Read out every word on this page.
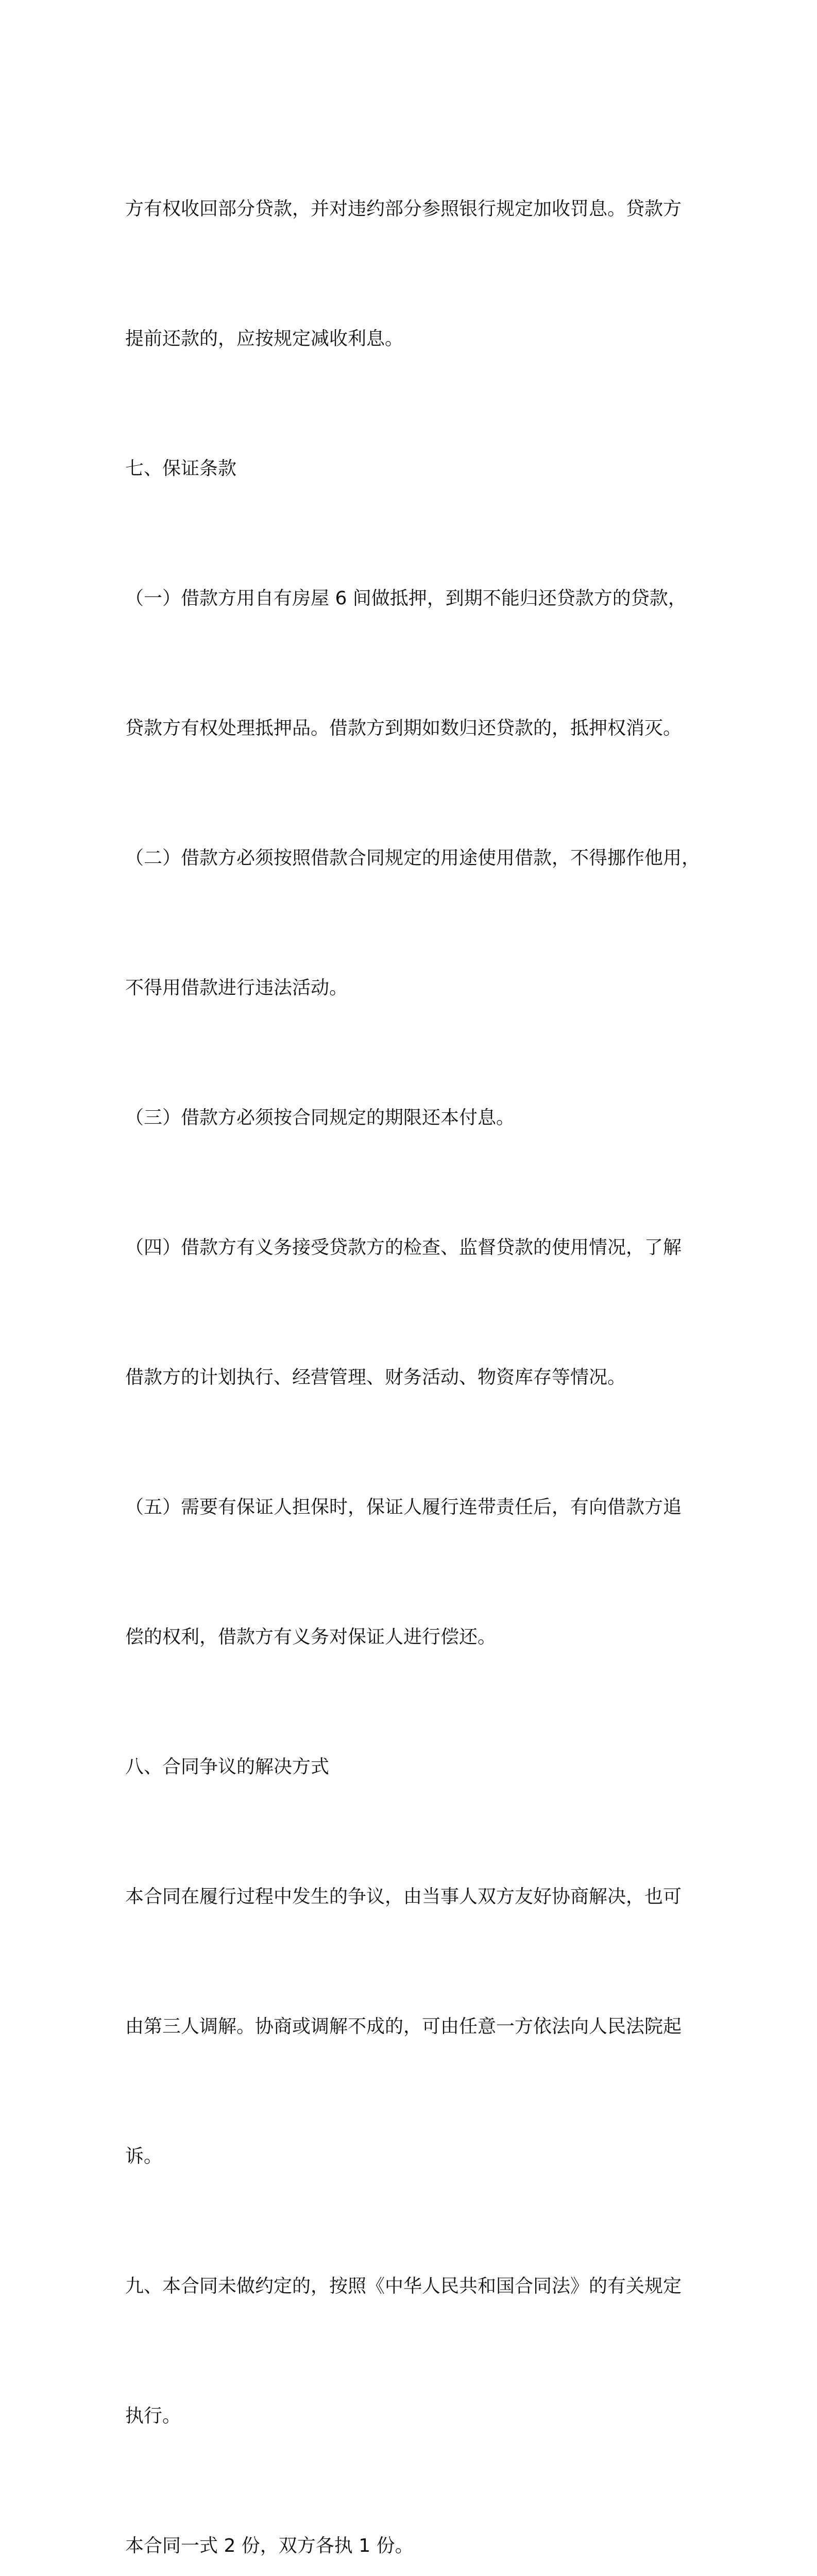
方有权收回部分贷款，并对违约部分参照银行规定加收罚息。贷款方

提前还款的，应按规定减收利息。

七、保证条款

（一）借款方用自有房屋 6 间做抵押，到期不能归还贷款方的贷款，

贷款方有权处理抵押品。借款方到期如数归还贷款的，抵押权消灭。

（二）借款方必须按照借款合同规定的用途使用借款，不得挪作他用，

不得用借款进行违法活动。

（三）借款方必须按合同规定的期限还本付息。

（四）借款方有义务接受贷款方的检查、监督贷款的使用情况，了解

借款方的计划执行、经营管理、财务活动、物资库存等情况。

（五）需要有保证人担保时，保证人履行连带责任后，有向借款方追

偿的权利，借款方有义务对保证人进行偿还。

八、合同争议的解决方式

本合同在履行过程中发生的争议，由当事人双方友好协商解决，也可

由第三人调解。协商或调解不成的，可由任意一方依法向人民法院起

诉。

九、本合同未做约定的，按照《中华人民共和国合同法》的有关规定

执行。

本合同一式 2 份，双方各执 1 份。
